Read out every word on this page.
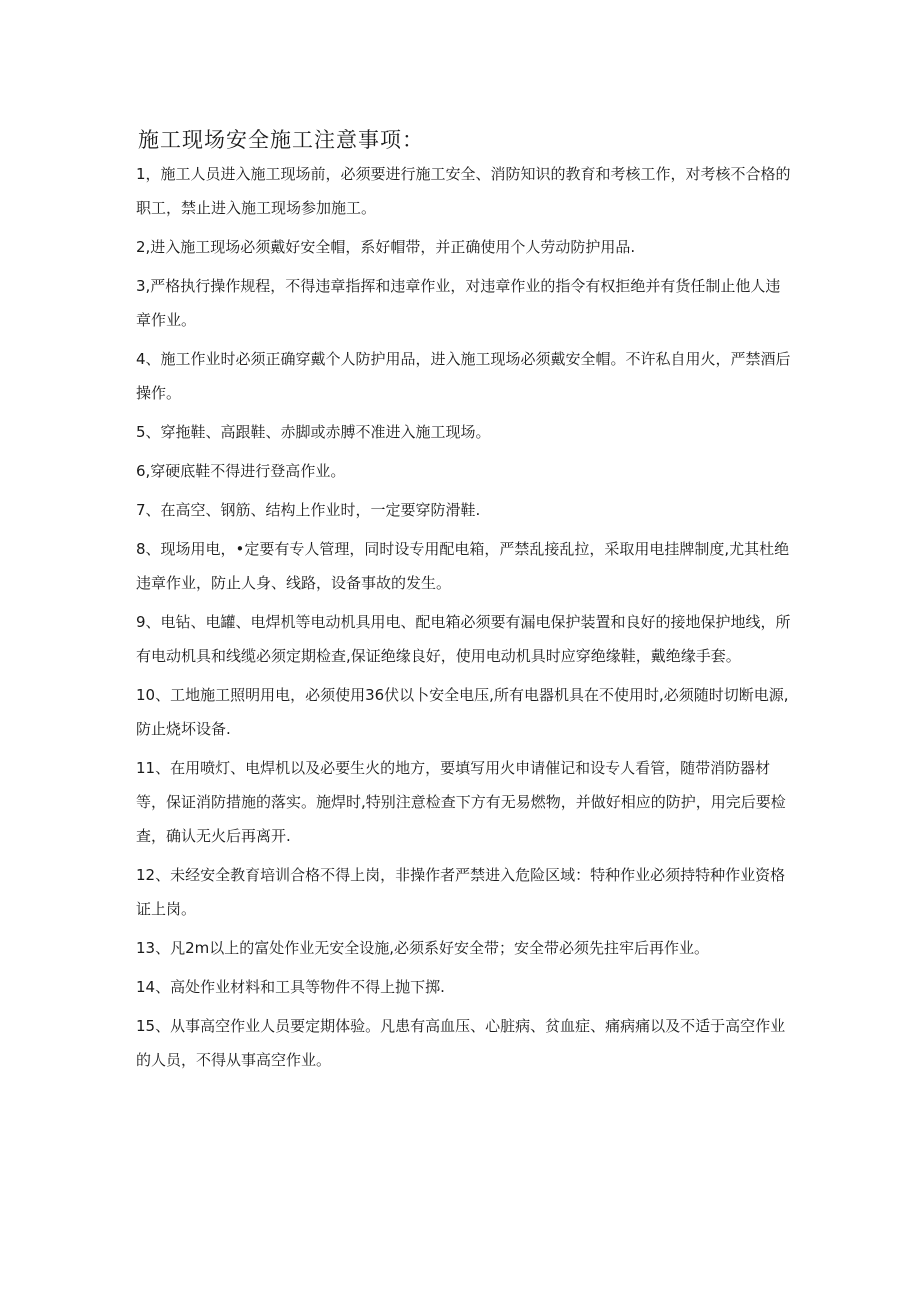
施工现场安全施工注意事项：

1，施工人员进入施工现场前，必须要进行施工安全、消防知识的教育和考核工作，对考核不合格的职工，禁止进入施工现场参加施工。

2,进入施工现场必须戴好安全帽，系好帽带，并正确使用个人劳动防护用品.

3,严格执行操作规程，不得违章指挥和违章作业，对违章作业的指令有权拒绝并有货任制止他人违章作业。

4、施工作业时必须正确穿戴个人防护用品，进入施工现场必须戴安全帽。不许私自用火，严禁酒后操作。

5、穿拖鞋、高跟鞋、赤脚或赤膊不准进入施工现场。

6,穿硬底鞋不得进行登高作业。

7、在高空、钢筋、结构上作业时，一定要穿防滑鞋.

8、现场用电，•定要有专人管理，同时设专用配电箱，严禁乱接乱拉，采取用电挂牌制度,尤其杜绝违章作业，防止人身、线路，设备事故的发生。

9、电钻、电罐、电焊机等电动机具用电、配电箱必须要有漏电保护装置和良好的接地保护地线，所有电动机具和线缆必须定期检查,保证绝缘良好，使用电动机具时应穿绝缘鞋，戴绝缘手套。

10、工地施工照明用电，必须使用36伏以卜安全电压,所有电器机具在不使用时,必须随时切断电源,防止烧坏设备.

11、在用喷灯、电焊机以及必要生火的地方，要填写用火申请催记和设专人看管，随带消防器材等，保证消防措施的落实。施焊时,特别注意检查下方有无易燃物，并做好相应的防护，用完后要检查，确认无火后再离开.

12、未经安全教育培训合格不得上岗，非操作者严禁进入危险区域：特种作业必须持特种作业资格证上岗。

13、凡2m以上的富处作业无安全设施,必须系好安全带；安全带必须先拄牢后再作业。

14、高处作业材料和工具等物件不得上抛下掷.

15、从事高空作业人员要定期体验。凡患有高血压、心脏病、贫血症、痛病痛以及不适于高空作业的人员，不得从事高空作业。
